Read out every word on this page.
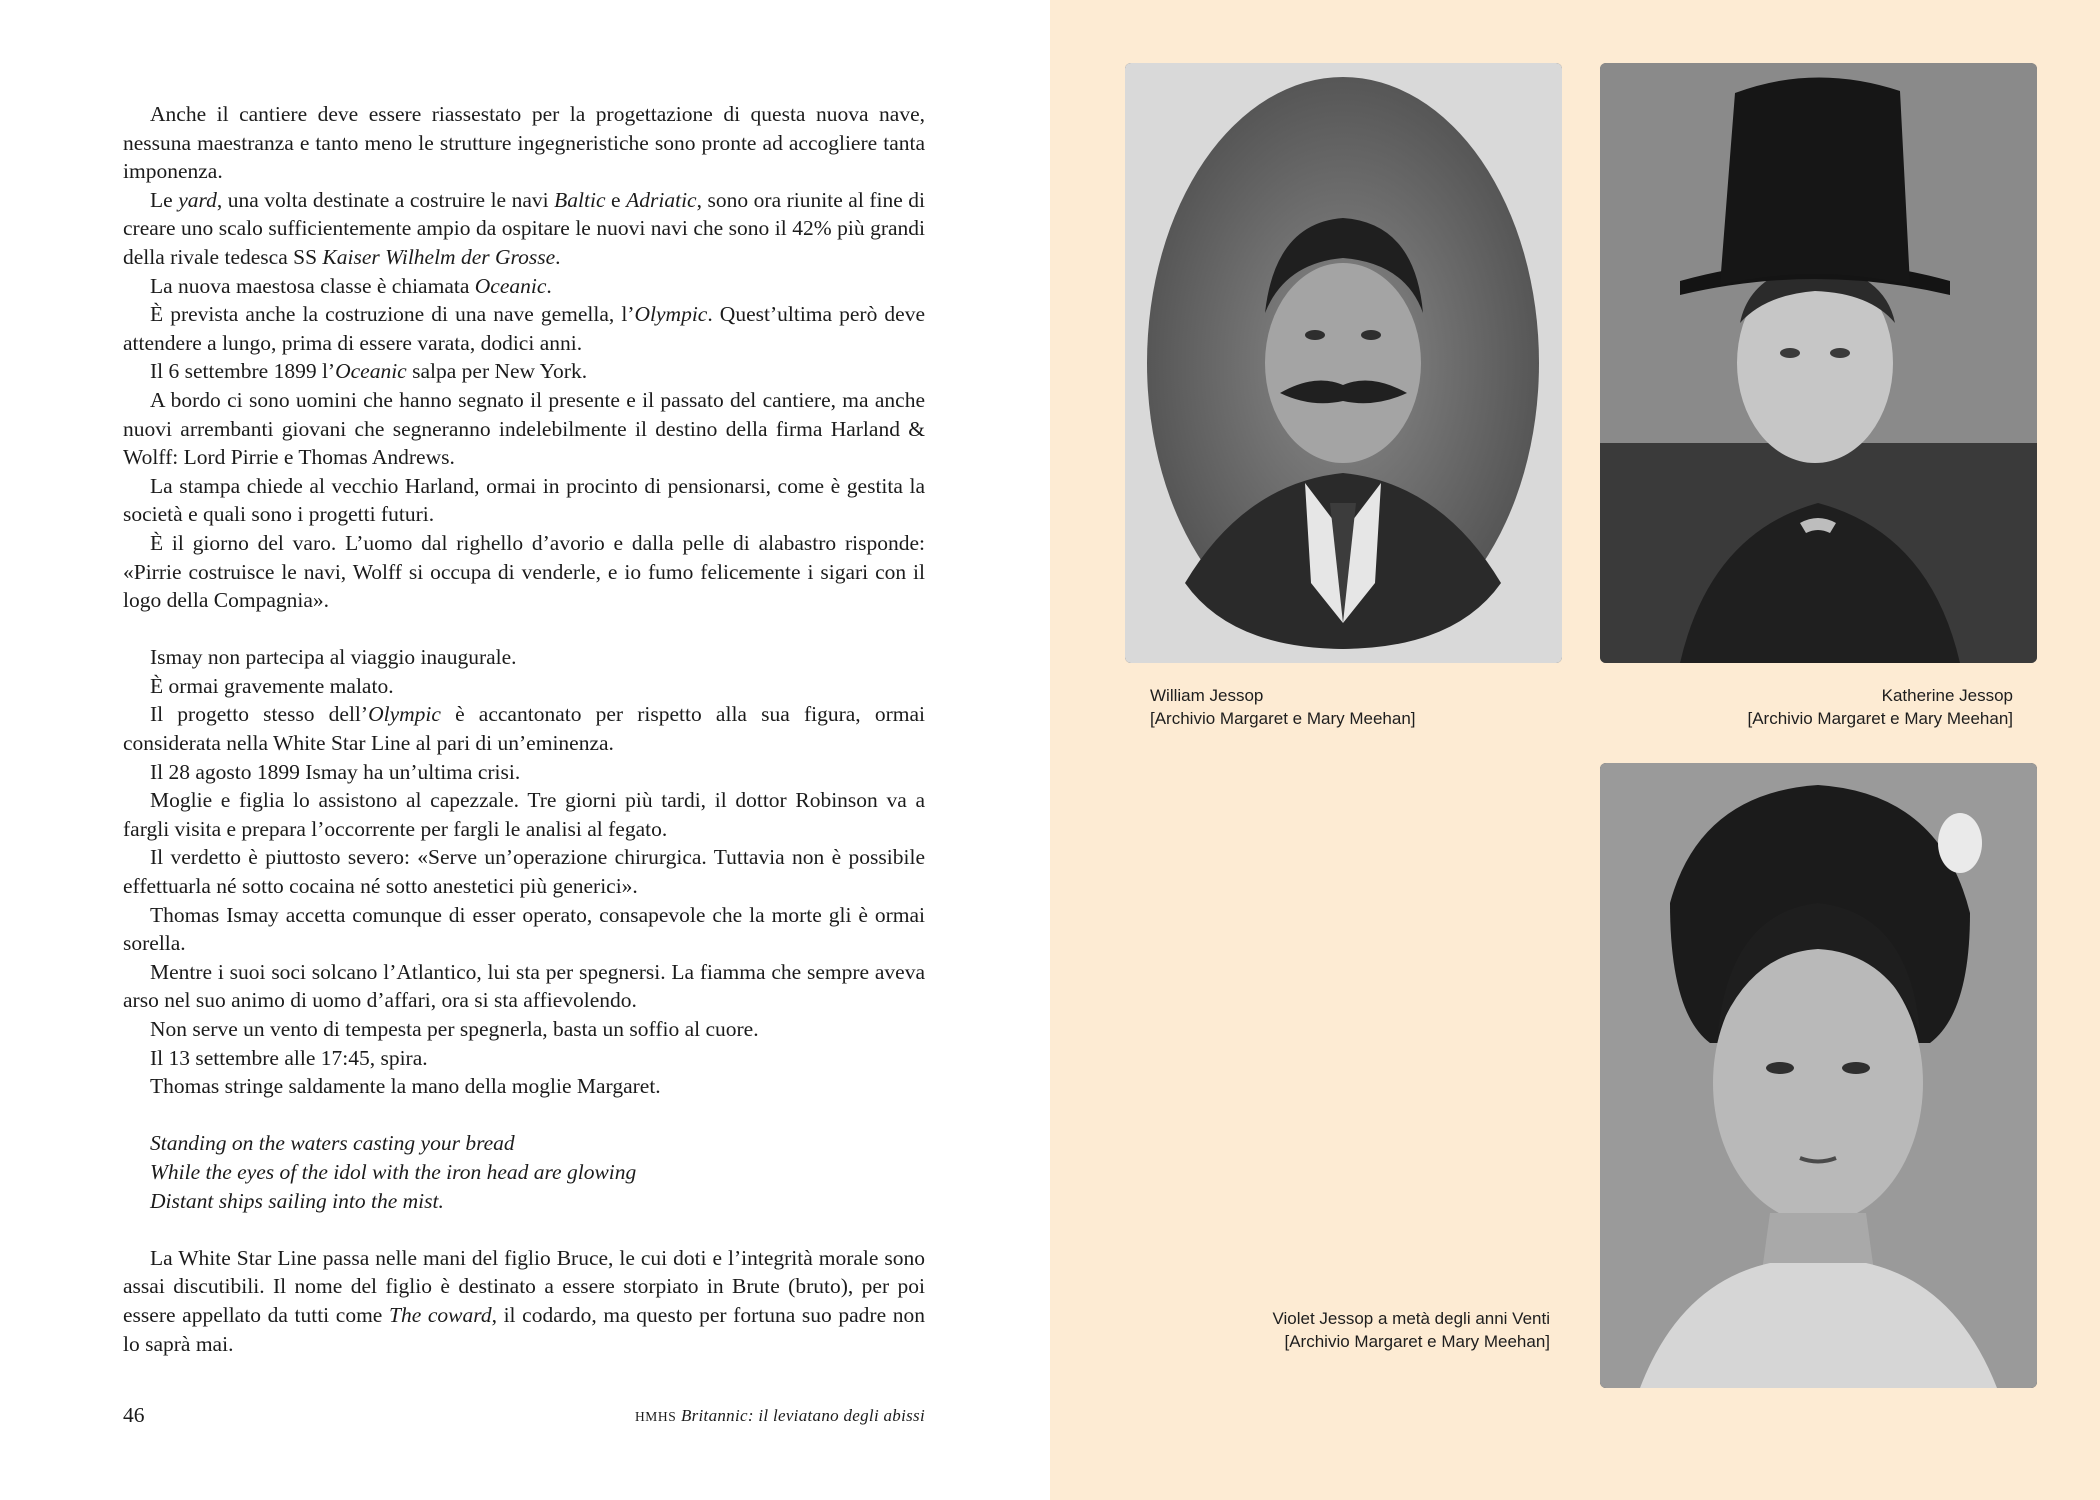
Anche il cantiere deve essere riassestato per la progettazione di questa nuova nave, nessuna maestranza e tanto meno le strutture ingegneristiche sono pronte ad accogliere tanta imponenza.

Le yard, una volta destinate a costruire le navi Baltic e Adriatic, sono ora riunite al fine di creare uno scalo sufficientemente ampio da ospitare le nuovi navi che sono il 42% più grandi della rivale tedesca SS Kaiser Wilhelm der Grosse.

La nuova maestosa classe è chiamata Oceanic.

È prevista anche la costruzione di una nave gemella, l’Olympic. Quest’ultima però deve attendere a lungo, prima di essere varata, dodici anni.

Il 6 settembre 1899 l’Oceanic salpa per New York.

A bordo ci sono uomini che hanno segnato il presente e il passato del cantiere, ma anche nuovi arrembanti giovani che segneranno indelebilmente il destino della firma Harland & Wolff: Lord Pirrie e Thomas Andrews.

La stampa chiede al vecchio Harland, ormai in procinto di pensionarsi, come è gestita la società e quali sono i progetti futuri.

È il giorno del varo. L’uomo dal righello d’avorio e dalla pelle di alabastro risponde: «Pirrie costruisce le navi, Wolff si occupa di venderle, e io fumo felicemente i sigari con il logo della Compagnia».

Ismay non partecipa al viaggio inaugurale.

È ormai gravemente malato.

Il progetto stesso dell’Olympic è accantonato per rispetto alla sua figura, ormai considerata nella White Star Line al pari di un’eminenza.

Il 28 agosto 1899 Ismay ha un’ultima crisi.

Moglie e figlia lo assistono al capezzale. Tre giorni più tardi, il dottor Robinson va a fargli visita e prepara l’occorrente per fargli le analisi al fegato.

Il verdetto è piuttosto severo: «Serve un’operazione chirurgica. Tuttavia non è possibile effettuarla né sotto cocaina né sotto anestetici più generici».

Thomas Ismay accetta comunque di esser operato, consapevole che la morte gli è ormai sorella.

Mentre i suoi soci solcano l’Atlantico, lui sta per spegnersi. La fiamma che sempre aveva arso nel suo animo di uomo d’affari, ora si sta affievolendo.

Non serve un vento di tempesta per spegnerla, basta un soffio al cuore.

Il 13 settembre alle 17:45, spira.

Thomas stringe saldamente la mano della moglie Margaret.

Standing on the waters casting your bread
While the eyes of the idol with the iron head are glowing
Distant ships sailing into the mist.

La White Star Line passa nelle mani del figlio Bruce, le cui doti e l’integrità morale sono assai discutibili. Il nome del figlio è destinato a essere storpiato in Brute (bruto), per poi essere appellato da tutti come The coward, il codardo, ma questo per fortuna suo padre non lo saprà mai.

46	HMHS Britannic: il leviatano degli abissi
William Jessop
[Archivio Margaret e Mary Meehan]
Katherine Jessop
[Archivio Margaret e Mary Meehan]
Violet Jessop a metà degli anni Venti
[Archivio Margaret e Mary Meehan]
